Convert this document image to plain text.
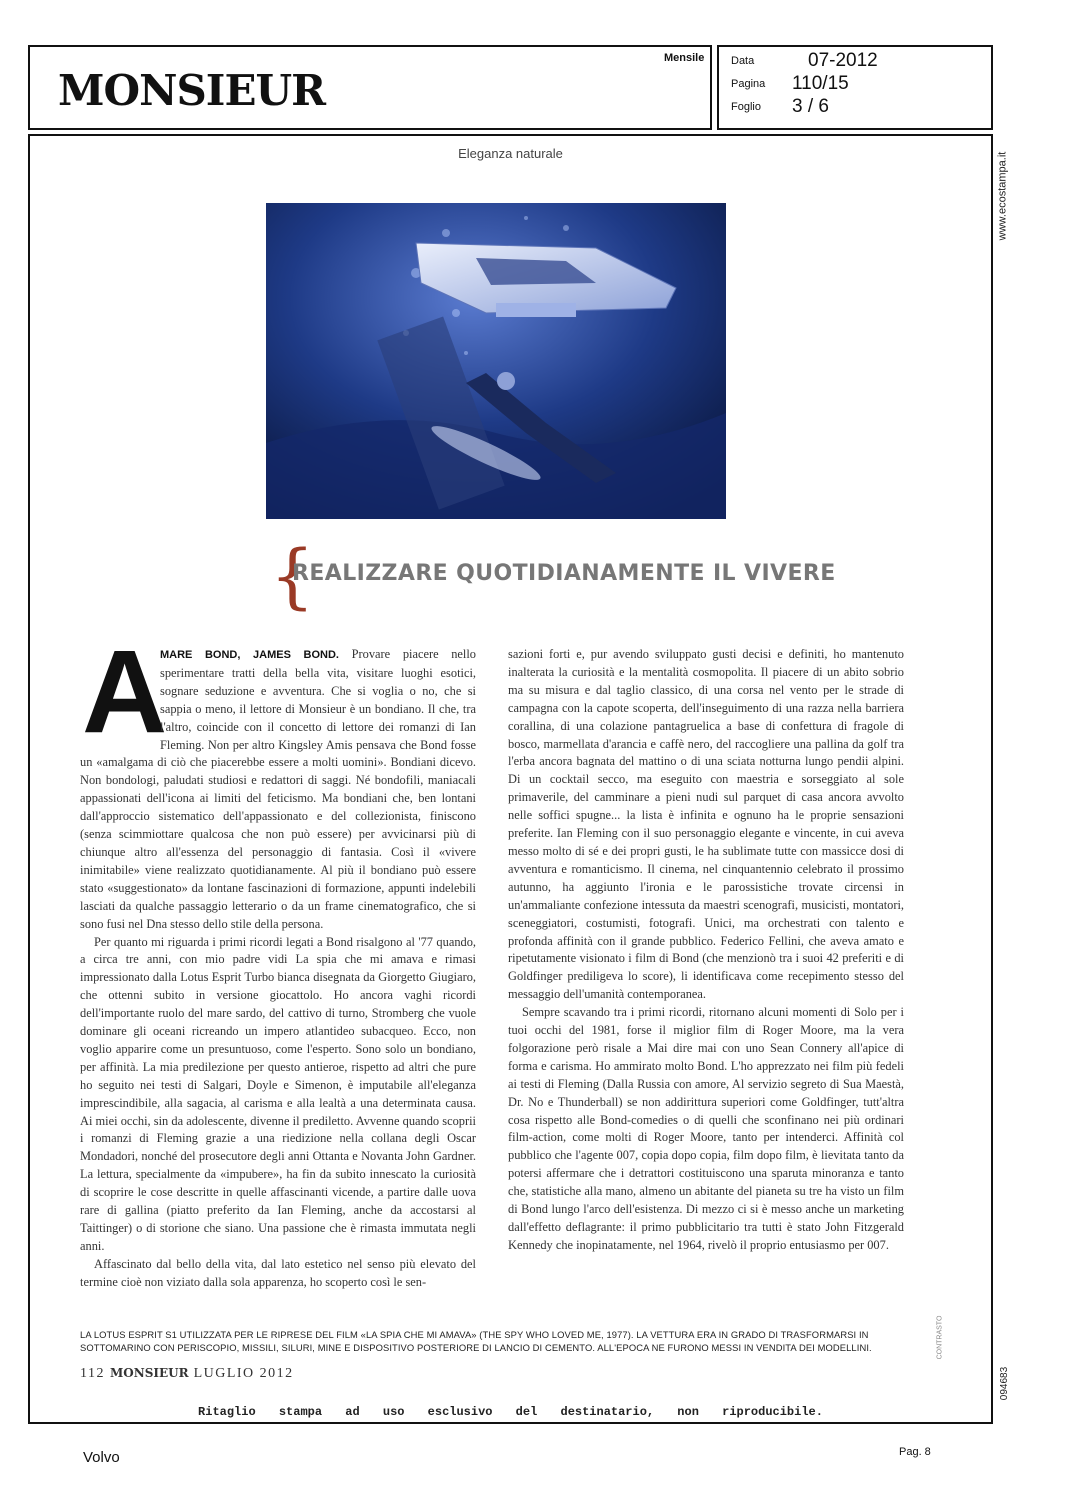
MONSIEUR
Mensile Data	07-2012
Pagina 110/15
Foglio 3 / 6
www.ecostampa.it
094683
Eleganza naturale
{
REALIZZARE QUOTIDIANAMENTE IL VIVERE
A

MARE BOND, JAMES BOND. Provare piacere nello sperimentare tratti della bella vita, visitare luoghi esotici, sognare seduzione e avventura. Che si voglia o no, che si sappia o meno, il lettore di Monsieur è un bondiano. Il che, tra l'altro, coincide con il concetto di lettore dei romanzi di Ian Fleming. Non per altro Kingsley Amis pensava che Bond fosse un «amalgama di ciò che piacerebbe essere a molti uomini». Bondiani dicevo. Non bondologi, paludati studiosi e redattori di saggi. Né bondofili, maniacali appassionati dell'icona ai limiti del feticismo. Ma bondiani che, ben lontani dall'approccio sistematico dell'appassionato e del collezionista, finiscono (senza scimmiottare qualcosa che non può essere) per avvicinarsi più di chiunque altro all'essenza del personaggio di fantasia. Così il «vivere inimitabile» viene realizzato quotidianamente. Al più il bondiano può essere stato «suggestionato» da lontane fascinazioni di formazione, appunti indelebili lasciati da qualche passaggio letterario o da un frame cinematografico, che si sono fusi nel Dna stesso dello stile della persona.

Per quanto mi riguarda i primi ricordi legati a Bond risalgono al '77 quando, a circa tre anni, con mio padre vidi La spia che mi amava e rimasi impressionato dalla Lotus Esprit Turbo bianca disegnata da Giorgetto Giugiaro, che ottenni subito in versione giocattolo. Ho ancora vaghi ricordi dell'importante ruolo del mare sardo, del cattivo di turno, Stromberg che vuole dominare gli oceani ricreando un impero atlantideo subacqueo. Ecco, non voglio apparire come un presuntuoso, come l'esperto. Sono solo un bondiano, per affinità. La mia predilezione per questo antieroe, rispetto ad altri che pure ho seguito nei testi di Salgari, Doyle e Simenon, è imputabile all'eleganza imprescindibile, alla sagacia, al carisma e alla lealtà a una determinata causa. Ai miei occhi, sin da adolescente, divenne il prediletto. Avvenne quando scoprii i romanzi di Fleming grazie a una riedizione nella collana degli Oscar Mondadori, nonché del prosecutore degli anni Ottanta e Novanta John Gardner. La lettura, specialmente da «impubere», ha fin da subito innescato la curiosità di scoprire le cose descritte in quelle affascinanti vicende, a partire dalle uova rare di gallina (piatto preferito da Ian Fleming, anche da accostarsi al Taittinger) o di storione che siano. Una passione che è rimasta immutata negli anni.

Affascinato dal bello della vita, dal lato estetico nel senso più elevato del termine cioè non viziato dalla sola apparenza, ho scoperto così le sen-

sazioni forti e, pur avendo sviluppato gusti decisi e definiti, ho mantenuto inalterata la curiosità e la mentalità cosmopolita. Il piacere di un abito sobrio ma su misura e dal taglio classico, di una corsa nel vento per le strade di campagna con la capote scoperta, dell'inseguimento di una razza nella barriera corallina, di una colazione pantagruelica a base di confettura di fragole di bosco, marmellata d'arancia e caffè nero, del raccogliere una pallina da golf tra l'erba ancora bagnata del mattino o di una sciata notturna lungo pendii alpini. Di un cocktail secco, ma eseguito con maestria e sorseggiato al sole primaverile, del camminare a pieni nudi sul parquet di casa ancora avvolto nelle soffici spugne... la lista è infinita e ognuno ha le proprie sensazioni preferite. Ian Fleming con il suo personaggio elegante e vincente, in cui aveva messo molto di sé e dei propri gusti, le ha sublimate tutte con massicce dosi di avventura e romanticismo. Il cinema, nel cinquantennio celebrato il prossimo autunno, ha aggiunto l'ironia e le parossistiche trovate circensi in un'ammaliante confezione intessuta da maestri scenografi, musicisti, montatori, sceneggiatori, costumisti, fotografi. Unici, ma orchestrati con talento e profonda affinità con il grande pubblico. Federico Fellini, che aveva amato e ripetutamente visionato i film di Bond (che menzionò tra i suoi 42 preferiti e di Goldfinger prediligeva lo score), li identificava come recepimento stesso del messaggio dell'umanità contemporanea.

Sempre scavando tra i primi ricordi, ritornano alcuni momenti di Solo per i tuoi occhi del 1981, forse il miglior film di Roger Moore, ma la vera folgorazione però risale a Mai dire mai con uno Sean Connery all'apice di forma e carisma. Ho ammirato molto Bond. L'ho apprezzato nei film più fedeli ai testi di Fleming (Dalla Russia con amore, Al servizio segreto di Sua Maestà, Dr. No e Thunderball) se non addirittura superiori come Goldfinger, tutt'altra cosa rispetto alle Bond-comedies o di quelli che sconfinano nei più ordinari film-action, come molti di Roger Moore, tanto per intenderci. Affinità col pubblico che l'agente 007, copia dopo copia, film dopo film, è lievitata tanto da potersi affermare che i detrattori costituiscono una sparuta minoranza e tanto che, statistiche alla mano, almeno un abitante del pianeta su tre ha visto un film di Bond lungo l'arco dell'esistenza. Di mezzo ci si è messo anche un marketing dall'effetto deflagrante: il primo pubblicitario tra tutti è stato John Fitzgerald Kennedy che inopinatamente, nel 1964, rivelò il proprio entusiasmo per 007.

CONTRASTO
LA LOTUS ESPRIT S1 UTILIZZATA PER LE RIPRESE DEL FILM «LA SPIA CHE MI AMAVA» (THE SPY WHO LOVED ME, 1977). LA VETTURA ERA IN GRADO DI TRASFORMARSI IN SOTTOMARINO CON PERISCOPIO, MISSILI, SILURI, MINE E DISPOSITIVO POSTERIORE DI LANCIO DI CEMENTO. ALL'EPOCA NE FURONO MESSI IN VENDITA DEI MODELLINI.
112 MONSIEUR LUGLIO 2012
Ritaglio stampa ad uso esclusivo del destinatario, non riproducibile.
Volvo	Pag. 8
